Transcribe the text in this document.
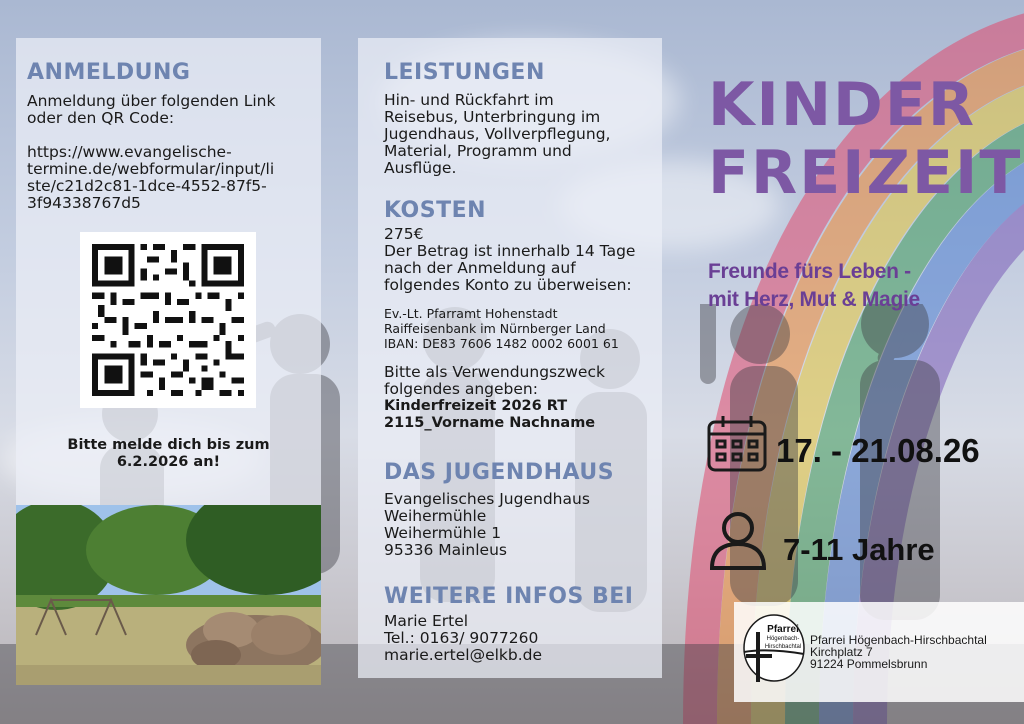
ANMELDUNG

Anmeldung über folgenden Link

oder den QR Code:

https://www.evangelische-

termine.de/webformular/input/li

ste/c21d2c81-1dce-4552-87f5-

3f94338767d5

Bitte melde dich bis zum

6.2.2026 an!

LEISTUNGEN

Hin- und Rückfahrt im

Reisebus, Unterbringung im

Jugendhaus, Vollverpflegung,

Material, Programm und

Ausflüge.

KOSTEN

275€

Der Betrag ist innerhalb 14 Tage

nach der Anmeldung auf

folgendes Konto zu überweisen:

Ev.-Lt. Pfarramt Hohenstadt

Raiffeisenbank im Nürnberger Land

IBAN: DE83 7606 1482 0002 6001 61

Bitte als Verwendungszweck

folgendes angeben:

Kinderfreizeit 2026 RT

2115_Vorname Nachname

DAS JUGENDHAUS

Evangelisches Jugendhaus

Weihermühle

Weihermühle 1

95336 Mainleus

WEITERE INFOS BEI

Marie Ertel

Tel.: 0163/ 9077260

marie.ertel@elkb.de

KINDER
FREIZEIT
Freunde fürs Leben -
mit Herz, Mut & Magie
17. - 21.08.26
7-11 Jahre
Pfarrei
Högenbach-
Hirschbachtal Pfarrei Högenbach-Hirschbachtal
Kirchplatz 7
91224 Pommelsbrunn
